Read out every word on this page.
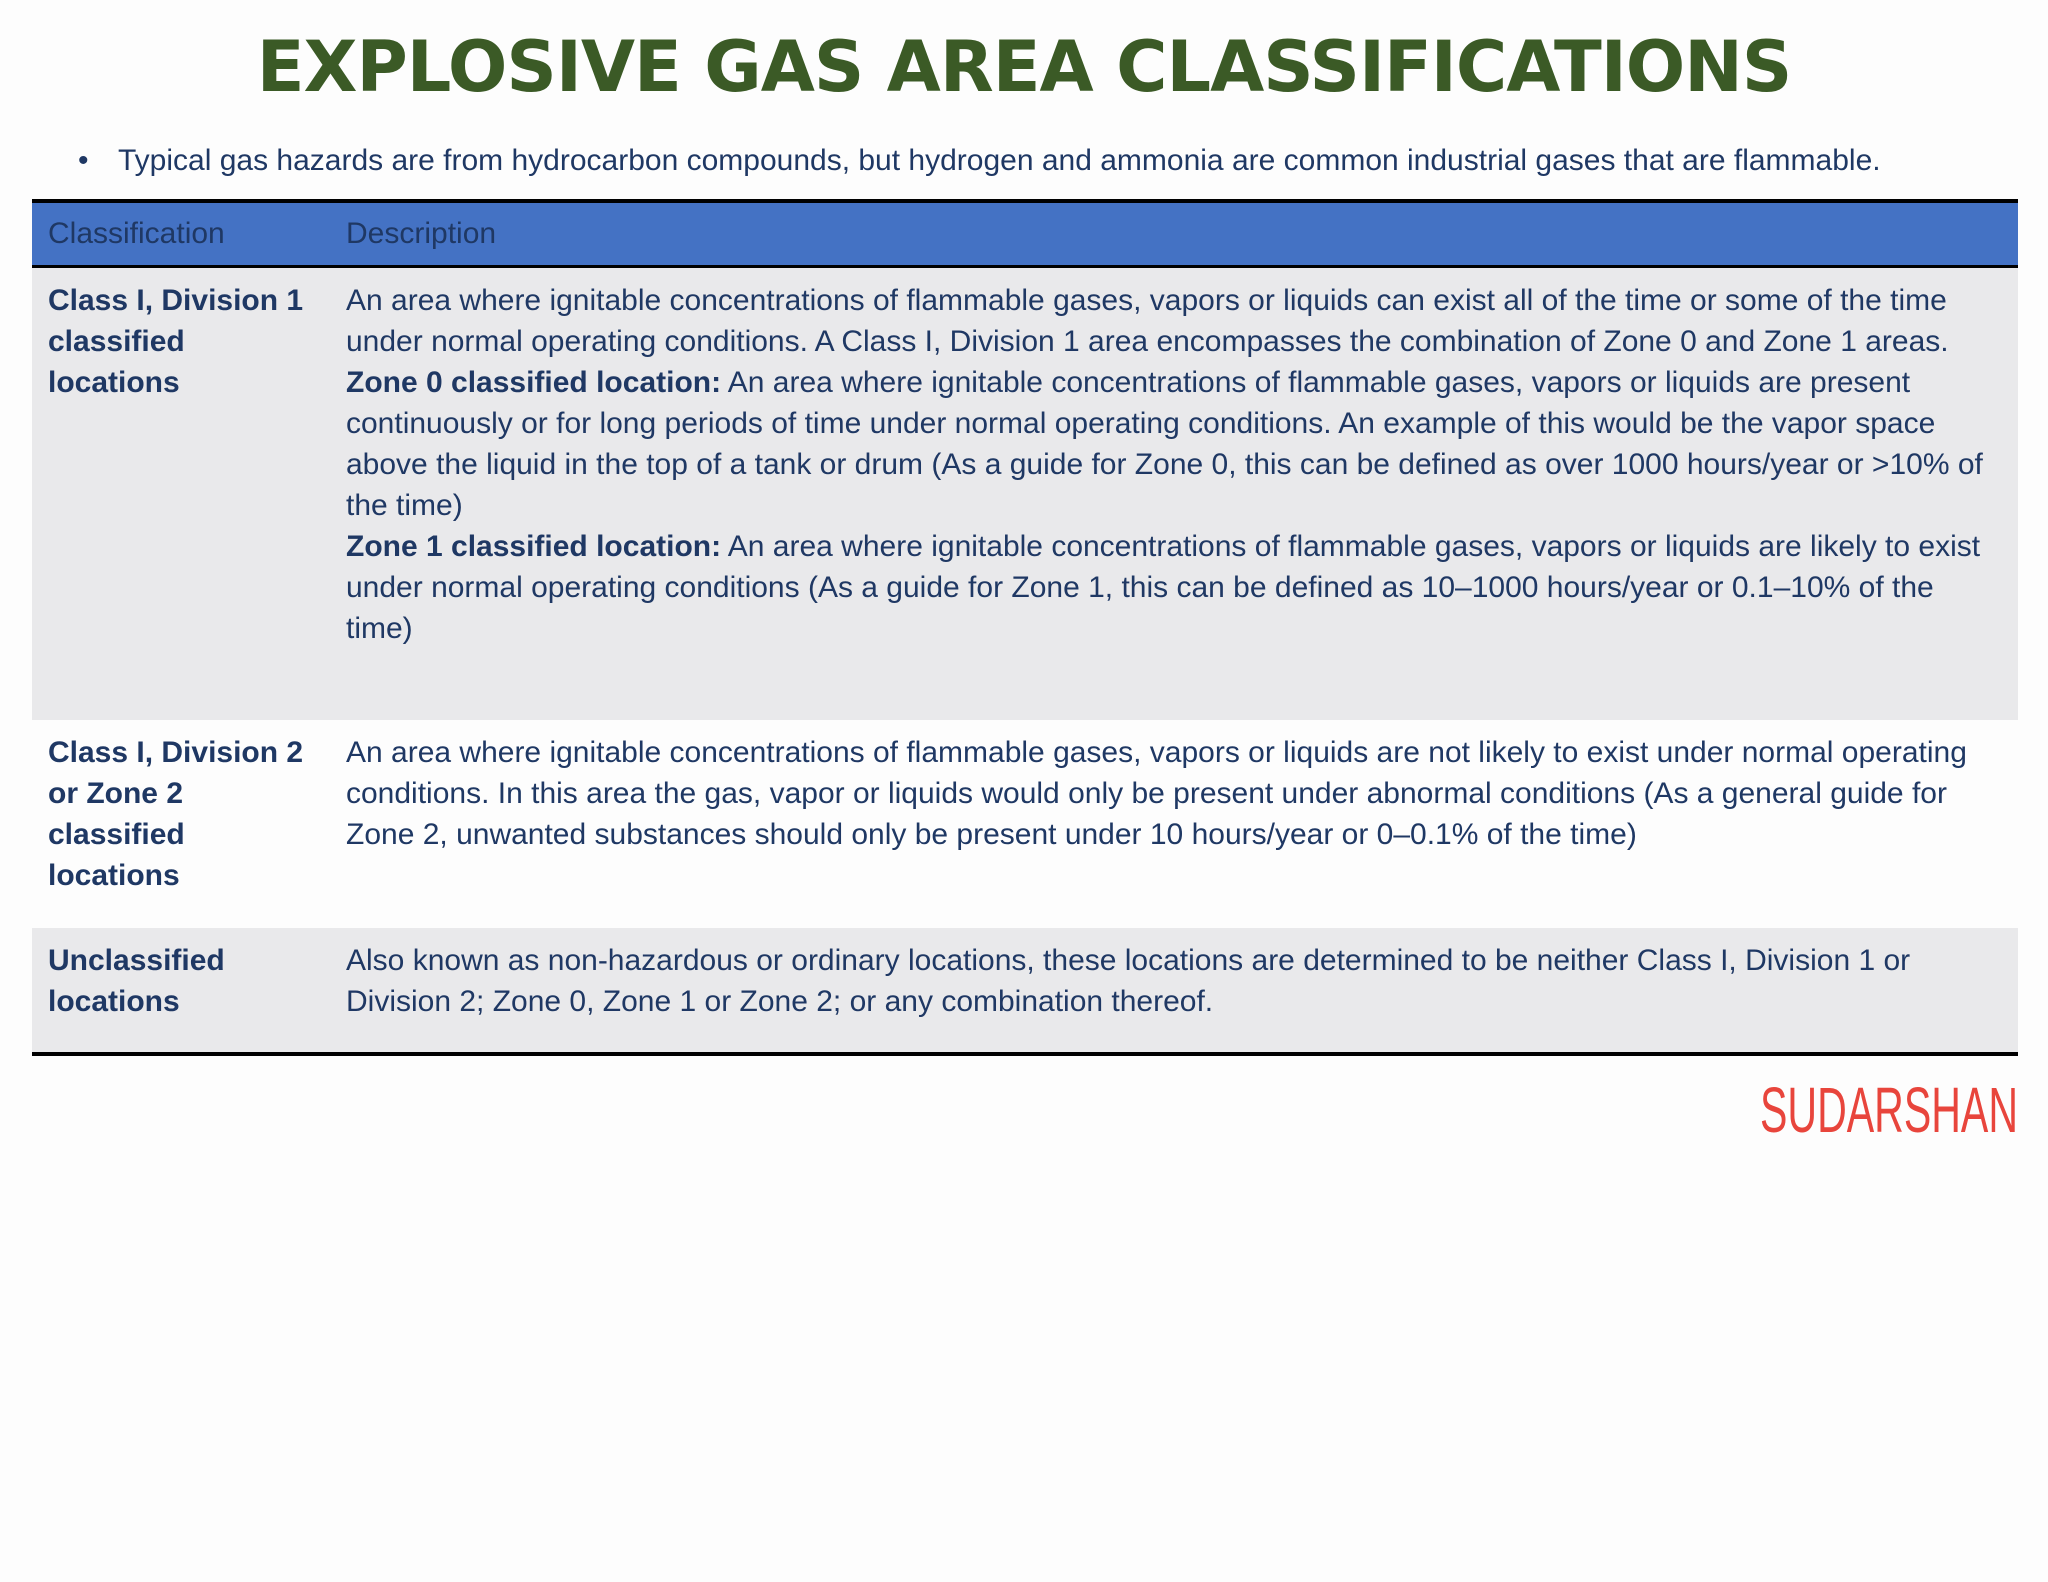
EXPLOSIVE GAS AREA CLASSIFICATIONS
• Typical gas hazards are from hydrocarbon compounds, but hydrogen and ammonia are common industrial gases that are flammable.
Classification	Description
Class I, Division 1 classified locations	An area where ignitable concentrations of flammable gases, vapors or liquids can exist all of the time or some of the time under normal operating conditions. A Class I, Division 1 area encompasses the combination of Zone 0 and Zone 1 areas.
Zone 0 classified location: An area where ignitable concentrations of flammable gases, vapors or liquids are present continuously or for long periods of time under normal operating conditions. An example of this would be the vapor space above the liquid in the top of a tank or drum (As a guide for Zone 0, this can be defined as over 1000 hours/year or >10% of the time)
Zone 1 classified location: An area where ignitable concentrations of flammable gases, vapors or liquids are likely to exist under normal operating conditions (As a guide for Zone 1, this can be defined as 10–1000 hours/year or 0.1–10% of the time)

Class I, Division 2 or Zone 2 classified locations	An area where ignitable concentrations of flammable gases, vapors or liquids are not likely to exist under normal operating conditions. In this area the gas, vapor or liquids would only be present under abnormal conditions (As a general guide for Zone 2, unwanted substances should only be present under 10 hours/year or 0–0.1% of the time)
Unclassified locations	Also known as non-hazardous or ordinary locations, these locations are determined to be neither Class I, Division 1 or Division 2; Zone 0, Zone 1 or Zone 2; or any combination thereof.
SUDARSHAN
